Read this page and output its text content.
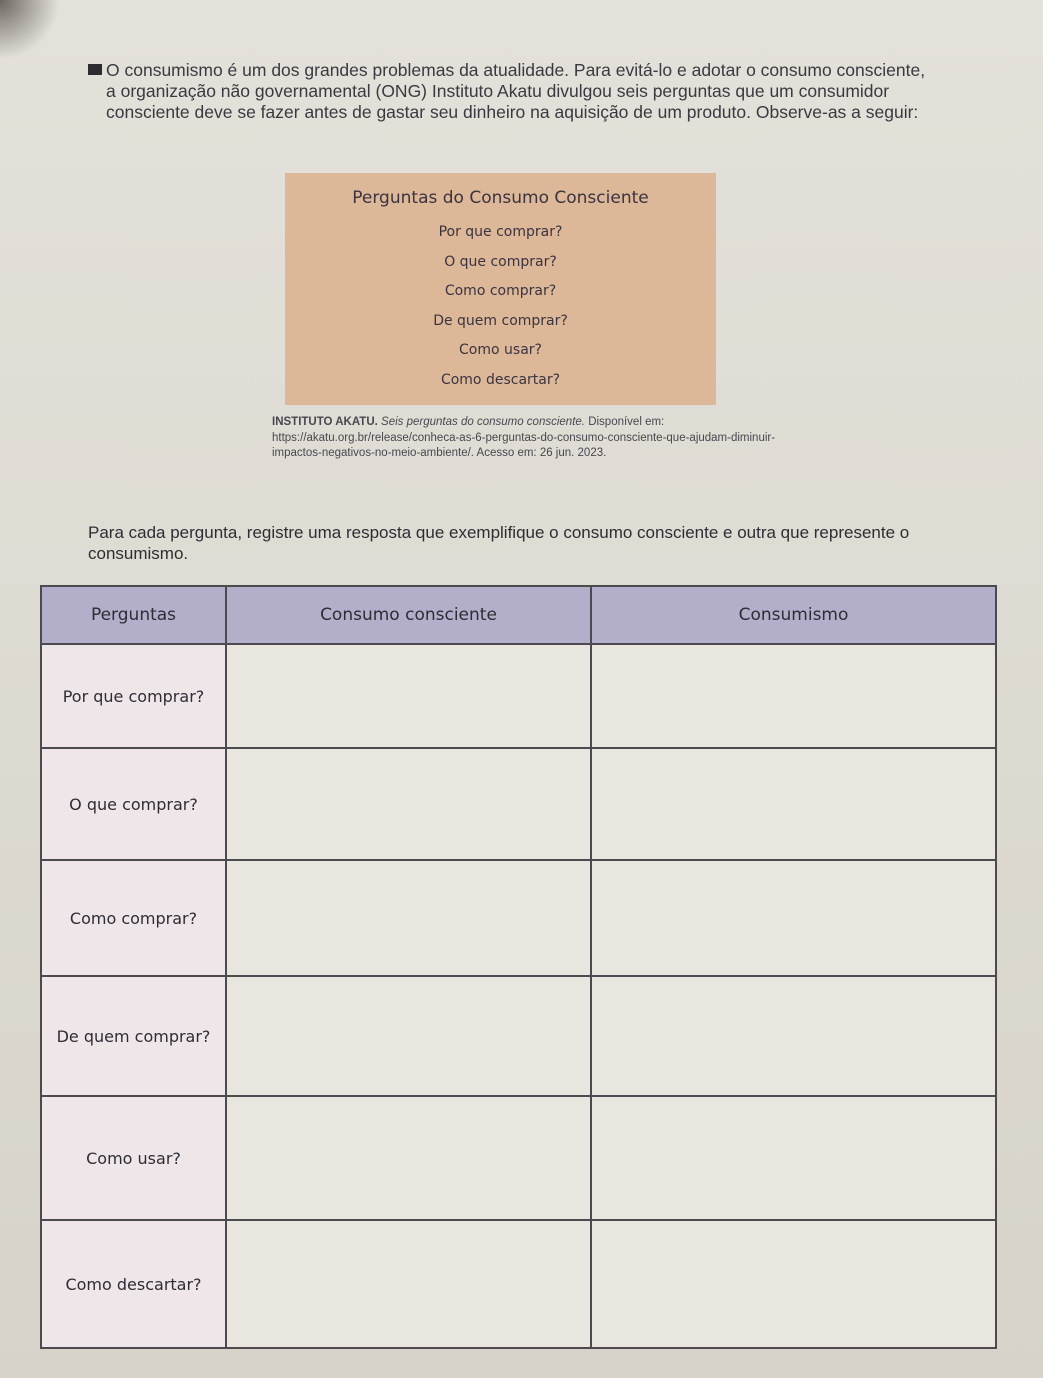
O consumismo é um dos grandes problemas da atualidade. Para evitá-lo e adotar o consumo consciente, a organização não governamental (ONG) Instituto Akatu divulgou seis perguntas que um consumidor consciente deve se fazer antes de gastar seu dinheiro na aquisição de um produto. Observe-as a seguir:

Perguntas do Consumo Consciente
Por que comprar?
O que comprar?
Como comprar?
De quem comprar?
Como usar?
Como descartar?
INSTITUTO AKATU. Seis perguntas do consumo consciente. Disponível em: https://akatu.org.br/release/conheca-as-6-perguntas-do-consumo-consciente-que-ajudam-diminuir-impactos-negativos-no-meio-ambiente/. Acesso em: 26 jun. 2023.

Para cada pergunta, registre uma resposta que exemplifique o consumo consciente e outra que represente o consumismo.

Perguntas	Consumo consciente	Consumismo
Por que comprar?		
O que comprar?		
Como comprar?		
De quem comprar?		
Como usar?		
Como descartar?		
